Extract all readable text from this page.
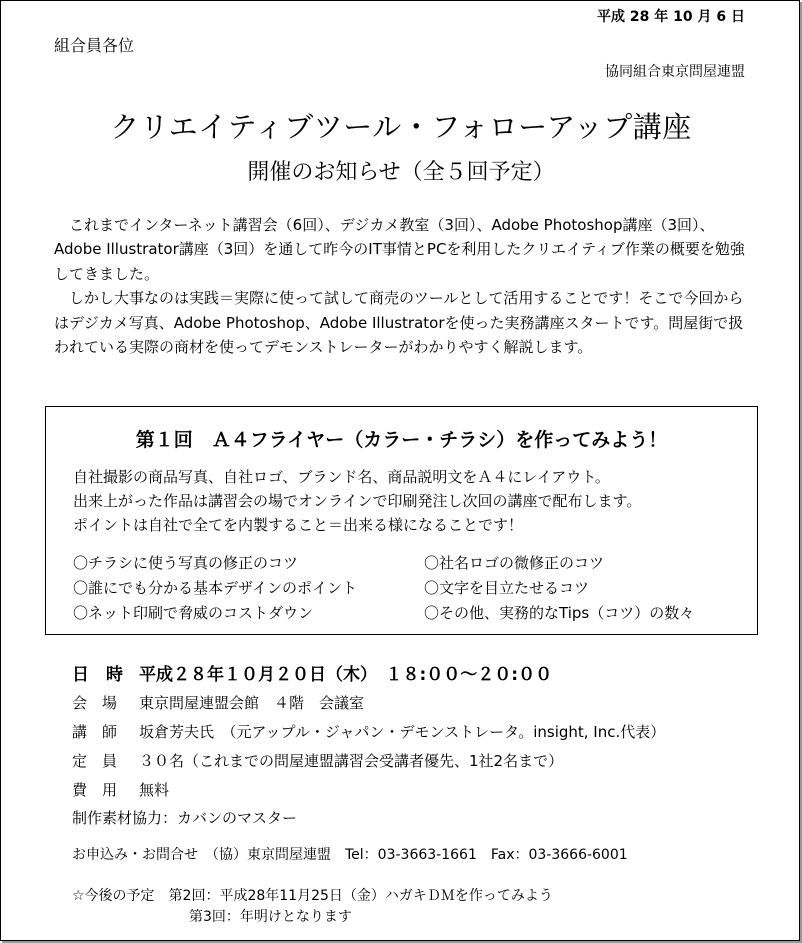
平成 28 年 10 月 6 日
組合員各位
協同組合東京問屋連盟
クリエイティブツール・フォローアップ講座
開催のお知らせ（全５回予定）

　これまでインターネット講習会（6回）、デジカメ教室（3回）、Adobe Photoshop講座（3回）、Adobe Illustrator講座（3回）を通して昨今のIT事情とPCを利用したクリエイティブ作業の概要を勉強してきました。

　しかし大事なのは実践＝実際に使って試して商売のツールとして活用することです！そこで今回からはデジカメ写真、Adobe Photoshop、Adobe Illustratorを使った実務講座スタートです。問屋街で扱われている実際の商材を使ってデモンストレーターがわかりやすく解説します。

第１回　Ａ４フライヤー（カラー・チラシ）を作ってみよう！
自社撮影の商品写真、自社ロゴ、ブランド名、商品説明文をＡ４にレイアウト。
出来上がった作品は講習会の場でオンラインで印刷発注し次回の講座で配布します。
ポイントは自社で全てを内製すること＝出来る様になることです！
〇チラシに使う写真の修正のコツ
〇誰にでも分かる基本デザインのポイント
〇ネット印刷で脅威のコストダウン
〇社名ロゴの微修正のコツ
〇文字を目立たせるコツ
〇その他、実務的なTips（コツ）の数々
日　時 平成２８年１０月２０日（木）　１８:００～２０:００
会　場 東京問屋連盟会館　４階　会議室
講　師 坂倉芳夫氏　（元アップル・ジャパン・デモンストレータ。insight, Inc.代表）
定　員 ３０名（これまでの問屋連盟講習会受講者優先、1社2名まで）
費　用 無料
制作素材協力：カバンのマスター
お申込み・お問合せ　（協）東京問屋連盟　Tel：03-3663-1661　Fax：03-3666-6001
☆今後の予定　第2回：平成28年11月25日（金）ハガキＤＭを作ってみよう
第3回：年明けとなります
